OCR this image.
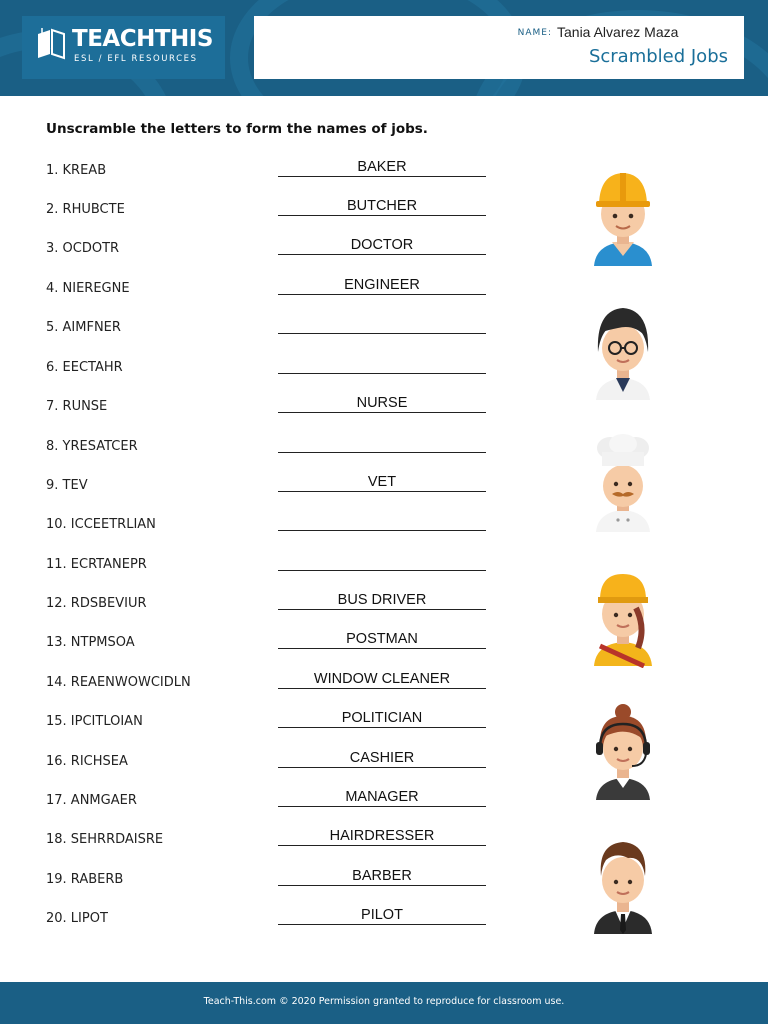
TEACHTHIS
ESL / EFL RESOURCES
NAME: Tania Alvarez Maza
Scrambled Jobs
Unscramble the letters to form the names of jobs.
1. KREAB	BAKER
2. RHUBCTE	BUTCHER
3. OCDOTR	DOCTOR
4. NIEREGNE	ENGINEER
5. AIMFNER
6. EECTAHR
7. RUNSE	NURSE
8. YRESATCER
9. TEV	VET
10. ICCEETRLIAN
11. ECRTANEPR
12. RDSBEVIUR	BUS DRIVER
13. NTPMSOA	POSTMAN
14. REAENWOWCIDLN	WINDOW CLEANER
15. IPCITLOIAN	POLITICIAN
16. RICHSEA	CASHIER
17. ANMGAER	MANAGER
18. SEHRRDAISRE	HAIRDRESSER
19. RABERB	BARBER
20. LIPOT	PILOT
Teach-This.com © 2020 Permission granted to reproduce for classroom use.
